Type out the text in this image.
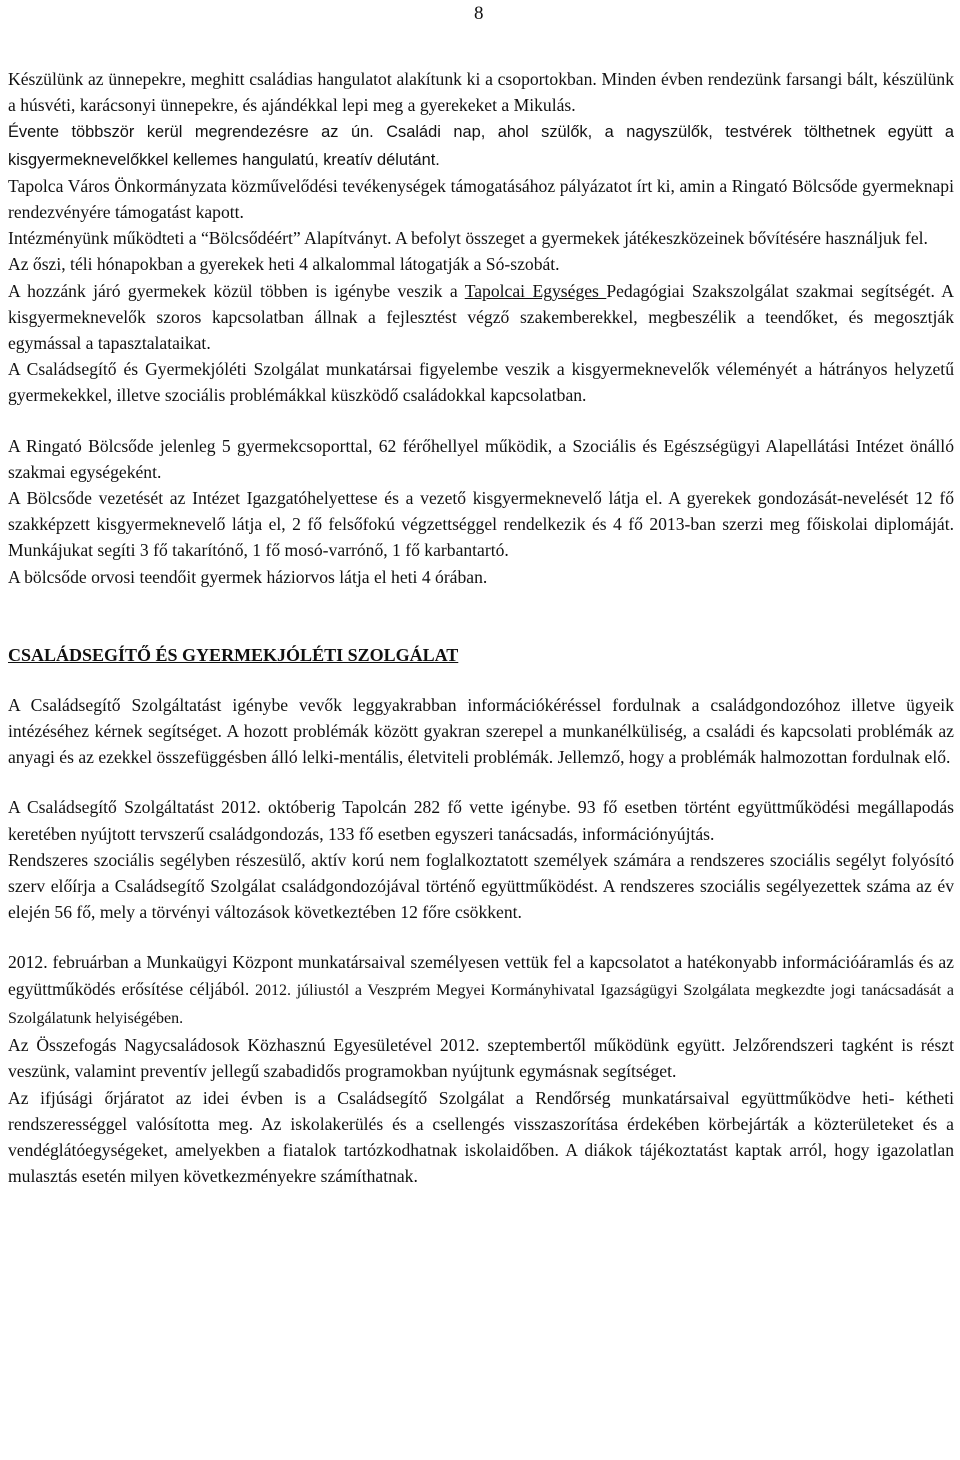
8

Készülünk az ünnepekre, meghitt családias hangulatot alakítunk ki a csoportokban. Minden évben rendezünk farsangi bált, készülünk a húsvéti, karácsonyi ünnepekre, és ajándékkal lepi meg a gyerekeket a Mikulás.

Évente többször kerül megrendezésre az ún. Családi nap, ahol szülők, a nagyszülők, testvérek tölthetnek együtt a kisgyermeknevelőkkel kellemes hangulatú, kreatív délutánt.

Tapolca Város Önkormányzata közművelődési tevékenységek támogatásához pályázatot írt ki, amin a Ringató Bölcsőde gyermeknapi rendezvényére támogatást kapott.

Intézményünk működteti a “Bölcsődéért” Alapítványt. A befolyt összeget a gyermekek játékeszközeinek bővítésére használjuk fel.

Az őszi, téli hónapokban a gyerekek heti 4 alkalommal látogatják a Só-szobát.

A hozzánk járó gyermekek közül többen is igénybe veszik a Tapolcai Egységes Pedagógiai Szakszolgálat szakmai segítségét. A kisgyermeknevelők szoros kapcsolatban állnak a fejlesztést végző szakemberekkel, megbeszélik a teendőket, és megosztják egymással a tapasztalataikat.

A Családsegítő és Gyermekjóléti Szolgálat munkatársai figyelembe veszik a kisgyermeknevelők véleményét a hátrányos helyzetű gyermekekkel, illetve szociális problémákkal küszködő családokkal kapcsolatban.

A Ringató Bölcsőde jelenleg 5 gyermekcsoporttal, 62 férőhellyel működik, a Szociális és Egészségügyi Alapellátási Intézet önálló szakmai egységeként.

A Bölcsőde vezetését az Intézet Igazgatóhelyettese és a vezető kisgyermeknevelő látja el. A gyerekek gondozását-nevelését 12 fő szakképzett kisgyermeknevelő látja el, 2 fő felsőfokú végzettséggel rendelkezik és 4 fő 2013-ban szerzi meg főiskolai diplomáját. Munkájukat segíti 3 fő takarítónő, 1 fő mosó-varrónő, 1 fő karbantartó.

A bölcsőde orvosi teendőit gyermek háziorvos látja el heti 4 órában.

CSALÁDSEGÍTŐ ÉS GYERMEKJÓLÉTI SZOLGÁLAT

A Családsegítő Szolgáltatást igénybe vevők leggyakrabban információkéréssel fordulnak a családgondozóhoz illetve ügyeik intézéséhez kérnek segítséget. A hozott problémák között gyakran szerepel a munkanélküliség, a családi és kapcsolati problémák az anyagi és az ezekkel összefüggésben álló lelki-mentális, életviteli problémák. Jellemző, hogy a problémák halmozottan fordulnak elő.

A Családsegítő Szolgáltatást 2012. októberig Tapolcán 282 fő vette igénybe. 93 fő esetben történt együttműködési megállapodás keretében nyújtott tervszerű családgondozás, 133 fő esetben egyszeri tanácsadás, információnyújtás.

Rendszeres szociális segélyben részesülő, aktív korú nem foglalkoztatott személyek számára a rendszeres szociális segélyt folyósító szerv előírja a Családsegítő Szolgálat családgondozójával történő együttműködést. A rendszeres szociális segélyezettek száma az év elején 56 fő, mely a törvényi változások következtében 12 főre csökkent.

2012. februárban a Munkaügyi Központ munkatársaival személyesen vettük fel a kapcsolatot a hatékonyabb információáramlás és az együttműködés erősítése céljából. 2012. júliustól a Veszprém Megyei Kormányhivatal Igazságügyi Szolgálata megkezdte jogi tanácsadását a Szolgálatunk helyiségében.

Az Összefogás Nagycsaládosok Közhasznú Egyesületével 2012. szeptembertől működünk együtt. Jelzőrendszeri tagként is részt veszünk, valamint preventív jellegű szabadidős programokban nyújtunk egymásnak segítséget.

Az ifjúsági őrjáratot az idei évben is a Családsegítő Szolgálat a Rendőrség munkatársaival együttműködve heti- kétheti rendszerességgel valósította meg. Az iskolakerülés és a csellengés visszaszorítása érdekében körbejárták a közterületeket és a vendéglátóegységeket, amelyekben a fiatalok tartózkodhatnak iskolaidőben. A diákok tájékoztatást kaptak arról, hogy igazolatlan mulasztás esetén milyen következményekre számíthatnak.
